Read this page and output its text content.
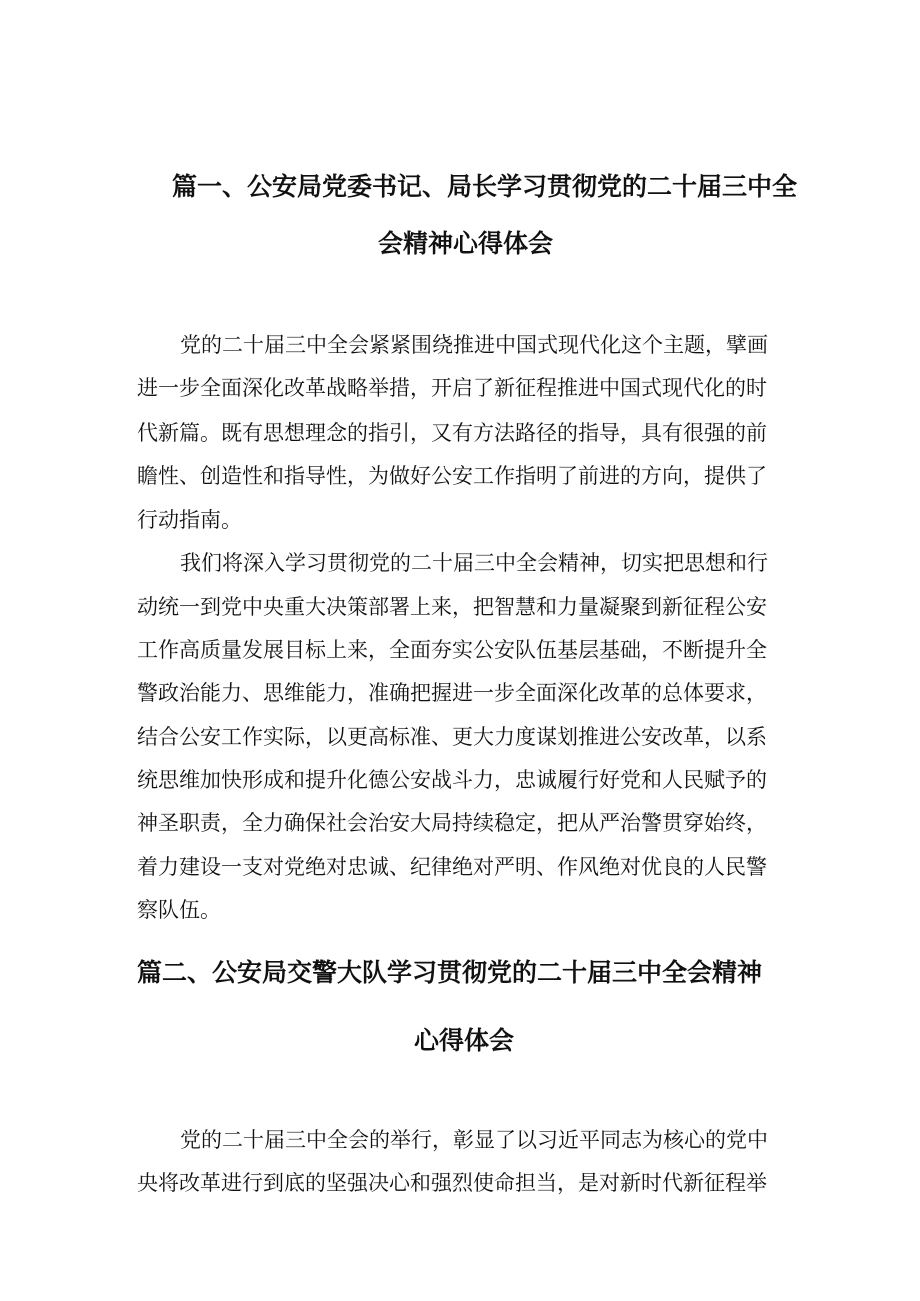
篇一、公安局党委书记、局长学习贯彻党的二十届三中全
会精神心得体会
党的二十届三中全会紧紧围绕推进中国式现代化这个主题，擘画
进一步全面深化改革战略举措，开启了新征程推进中国式现代化的时
代新篇。既有思想理念的指引，又有方法路径的指导，具有很强的前
瞻性、创造性和指导性，为做好公安工作指明了前进的方向，提供了
行动指南。
我们将深入学习贯彻党的二十届三中全会精神，切实把思想和行
动统一到党中央重大决策部署上来，把智慧和力量凝聚到新征程公安
工作高质量发展目标上来，全面夯实公安队伍基层基础，不断提升全
警政治能力、思维能力，准确把握进一步全面深化改革的总体要求，
结合公安工作实际，以更高标准、更大力度谋划推进公安改革，以系
统思维加快形成和提升化德公安战斗力，忠诚履行好党和人民赋予的
神圣职责，全力确保社会治安大局持续稳定，把从严治警贯穿始终，
着力建设一支对党绝对忠诚、纪律绝对严明、作风绝对优良的人民警
察队伍。
篇二、公安局交警大队学习贯彻党的二十届三中全会精神
心得体会
党的二十届三中全会的举行，彰显了以习近平同志为核心的党中
央将改革进行到底的坚强决心和强烈使命担当，是对新时代新征程举
